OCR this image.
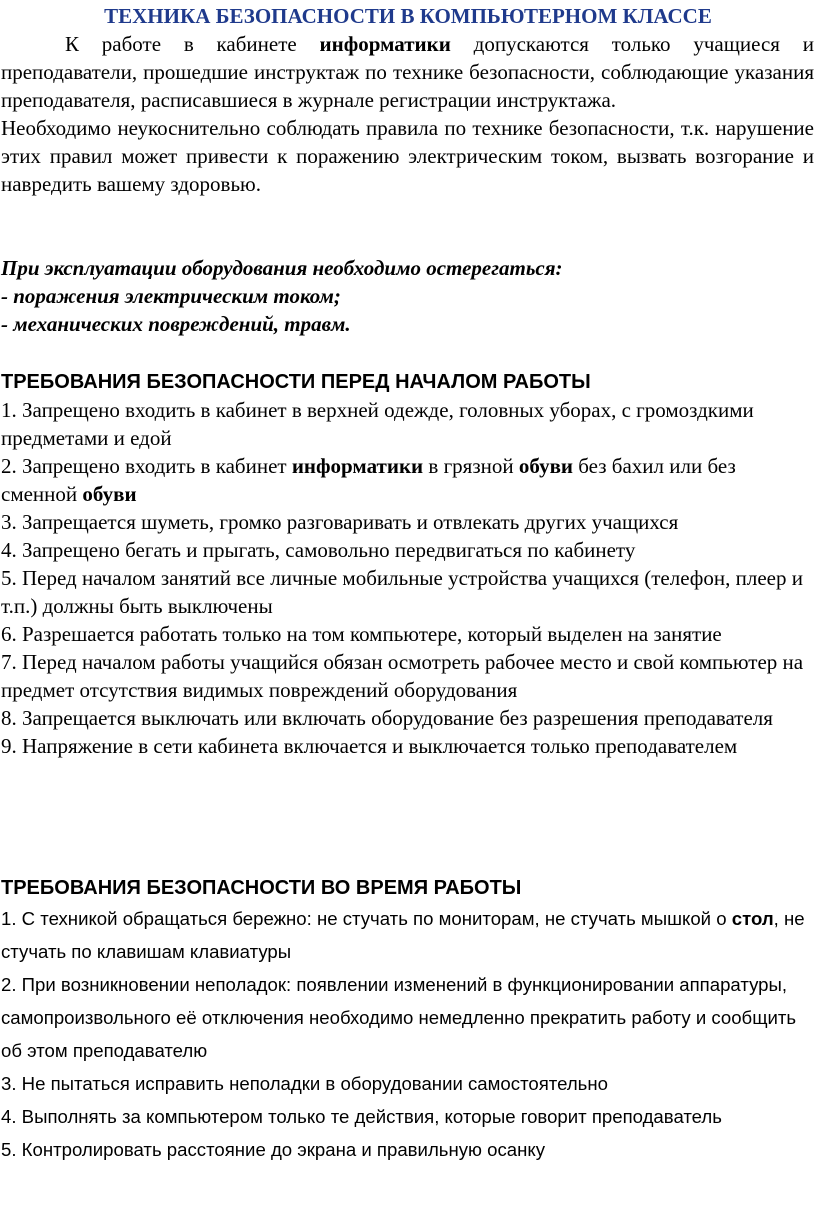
ТЕХНИКА БЕЗОПАСНОСТИ В КОМПЬЮТЕРНОМ КЛАССЕ

К работе в кабинете информатики допускаются только учащиеся и преподаватели, прошедшие инструктаж по технике безопасности, соблюдающие указания преподавателя, расписавшиеся в журнале регистрации инструктажа.

Необходимо неукоснительно соблюдать правила по технике безопасности, т.к. нарушение этих правил может привести к поражению электрическим током, вызвать возгорание и навредить вашему здоровью.

При эксплуатации оборудования необходимо остерегаться:

- поражения электрическим током;

- механических повреждений, травм.

ТРЕБОВАНИЯ БЕЗОПАСНОСТИ ПЕРЕД НАЧАЛОМ РАБОТЫ

1. Запрещено входить в кабинет в верхней одежде, головных уборах, с громоздкими предметами и едой

2. Запрещено входить в кабинет информатики в грязной обуви без бахил или без сменной обуви

3. Запрещается шуметь, громко разговаривать и отвлекать других учащихся

4. Запрещено бегать и прыгать, самовольно передвигаться по кабинету

5. Перед началом занятий все личные мобильные устройства учащихся (телефон, плеер и т.п.) должны быть выключены

6. Разрешается работать только на том компьютере, который выделен на занятие

7. Перед началом работы учащийся обязан осмотреть рабочее место и свой компьютер на предмет отсутствия видимых повреждений оборудования

8. Запрещается выключать или включать оборудование без разрешения преподавателя

9. Напряжение в сети кабинета включается и выключается только преподавателем

ТРЕБОВАНИЯ БЕЗОПАСНОСТИ ВО ВРЕМЯ РАБОТЫ

1. С техникой обращаться бережно: не стучать по мониторам, не стучать мышкой о стол, не стучать по клавишам клавиатуры

2. При возникновении неполадок: появлении изменений в функционировании аппаратуры, самопроизвольного её отключения необходимо немедленно прекратить работу и сообщить об этом преподавателю

3. Не пытаться исправить неполадки в оборудовании самостоятельно

4. Выполнять за компьютером только те действия, которые говорит преподаватель

5. Контролировать расстояние до экрана и правильную осанку
